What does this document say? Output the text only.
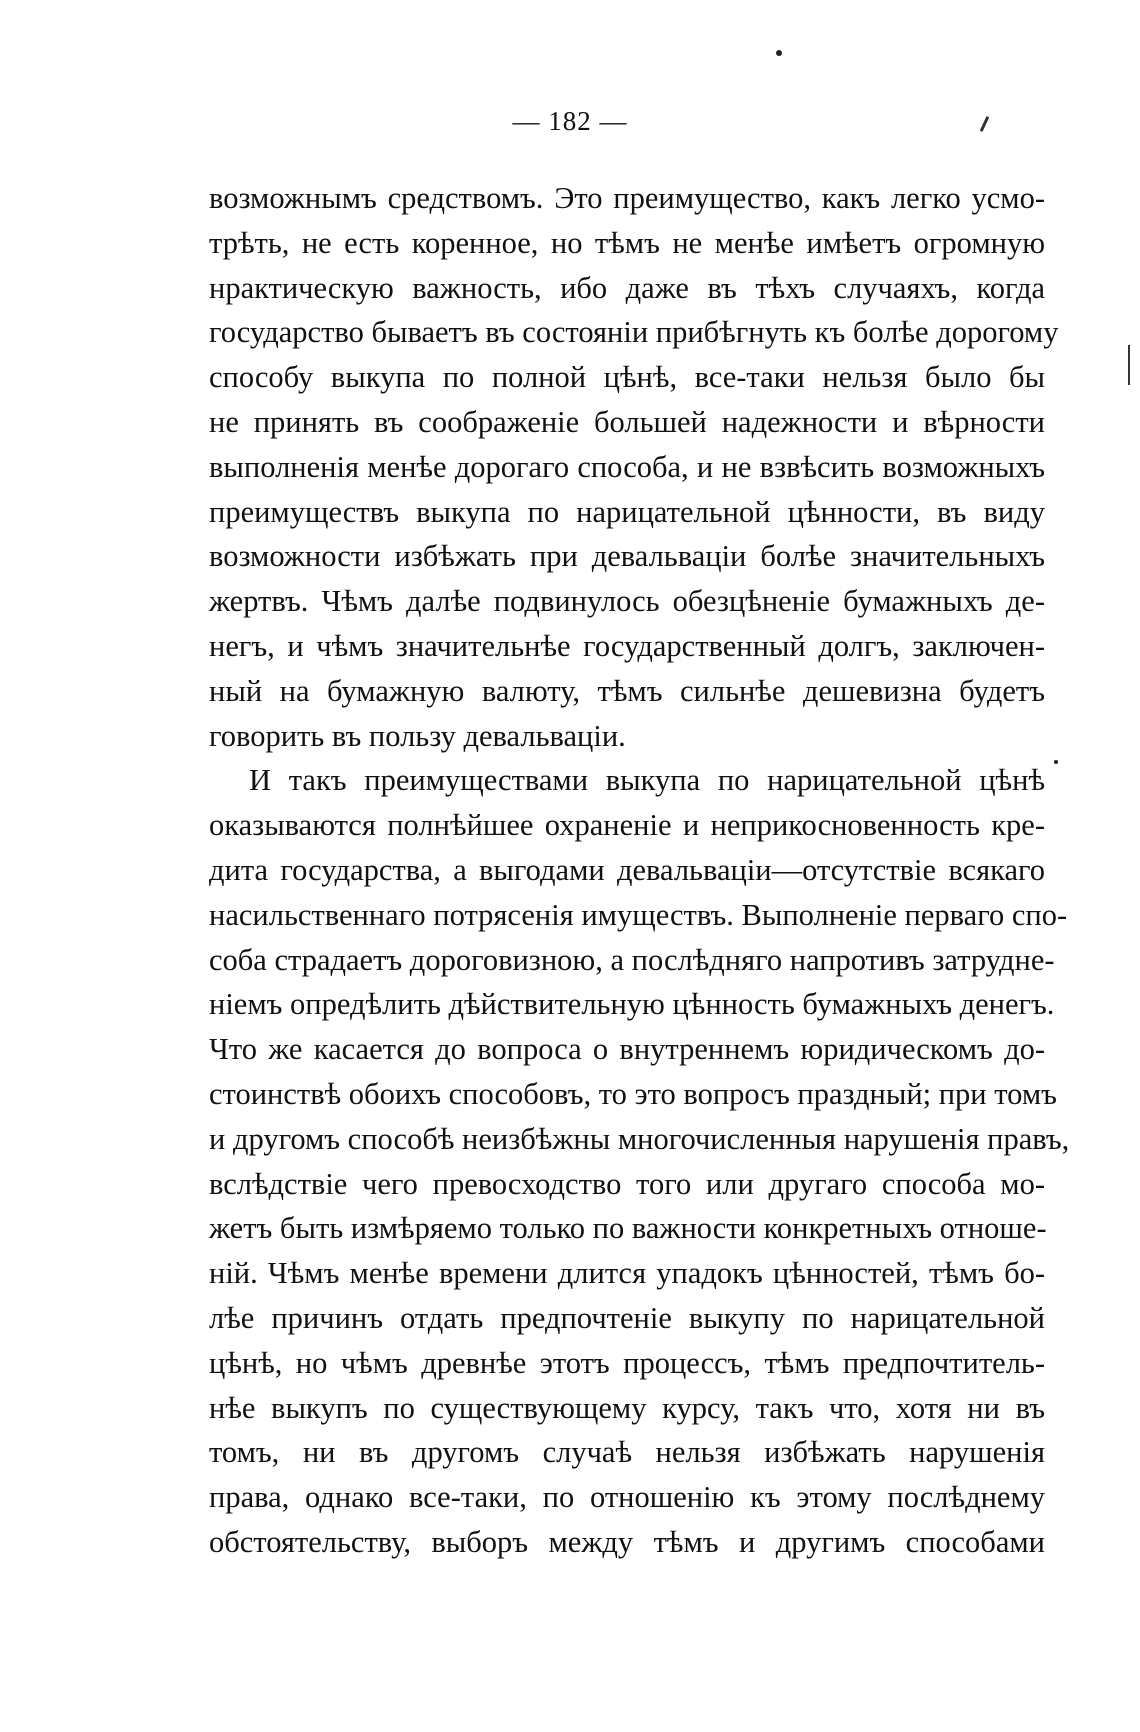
— 182 —
возможнымъ средствомъ. Это преимущество, какъ легко усмо-
трѣть, не есть коренное, но тѣмъ не менѣе имѣетъ огромную
нрактическую важность, ибо даже въ тѣхъ случаяхъ, когда
государство бываетъ въ состояніи прибѣгнуть къ болѣе дорогому
способу выкупа по полной цѣнѣ, все-таки нельзя было бы
не принять въ соображеніе большей надежности и вѣрности
выполненія менѣе дорогаго способа, и не взвѣсить возможныхъ
преимуществъ выкупа по нарицательной цѣнности, въ виду
возможности избѣжать при девальваціи болѣе значительныхъ
жертвъ. Чѣмъ далѣе подвинулось обезцѣненіе бумажныхъ де-
негъ, и чѣмъ значительнѣе государственный долгъ, заключен-
ный на бумажную валюту, тѣмъ сильнѣе дешевизна будетъ
говорить въ пользу девальваціи.
И такъ преимуществами выкупа по нарицательной цѣнѣ
оказываются полнѣйшее охраненіе и неприкосновенность кре-
дита государства, а выгодами девальваціи—отсутствіе всякаго
насильственнаго потрясенія имуществъ. Выполненіе перваго спо-
соба страдаетъ дороговизною, а послѣдняго напротивъ затрудне-
ніемъ опредѣлить дѣйствительную цѣнность бумажныхъ денегъ.
Что же касается до вопроса о внутреннемъ юридическомъ до-
стоинствѣ обоихъ способовъ, то это вопросъ праздный; при томъ
и другомъ способѣ неизбѣжны многочисленныя нарушенія правъ,
вслѣдствіе чего превосходство того или другаго способа мо-
жетъ быть измѣряемо только по важности конкретныхъ отноше-
ній. Чѣмъ менѣе времени длится упадокъ цѣнностей, тѣмъ бо-
лѣе причинъ отдать предпочтеніе выкупу по нарицательной
цѣнѣ, но чѣмъ древнѣе этотъ процессъ, тѣмъ предпочтитель-
нѣе выкупъ по существующему курсу, такъ что, хотя ни въ
томъ, ни въ другомъ случаѣ нельзя избѣжать нарушенія
права, однако все-таки, по отношенію къ этому послѣднему
обстоятельству, выборъ между тѣмъ и другимъ способами
